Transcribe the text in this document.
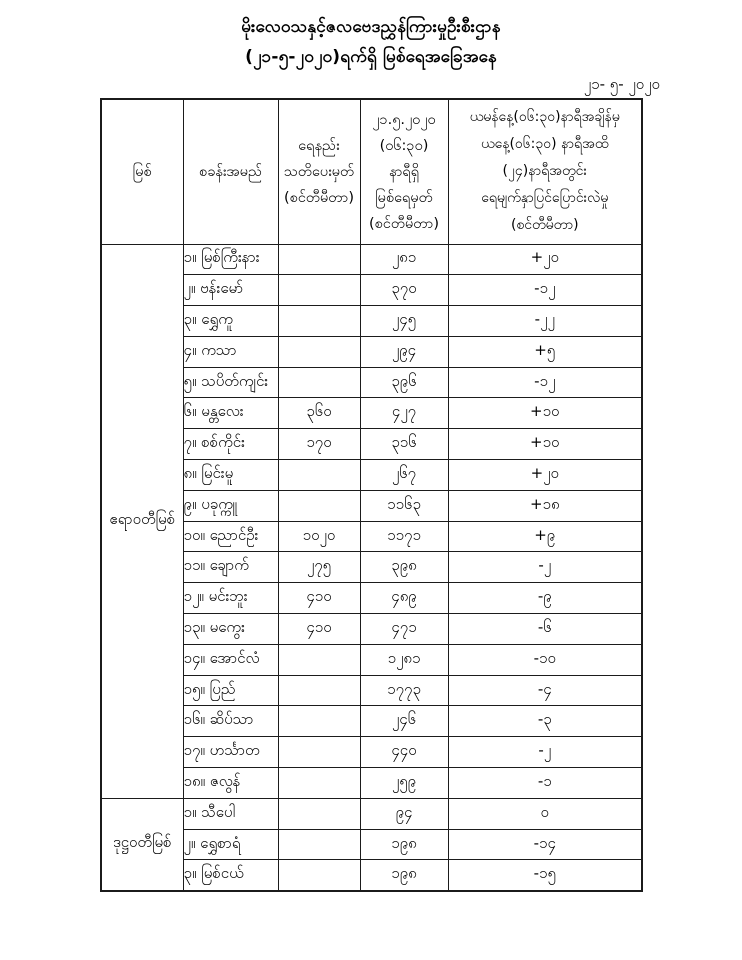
မိုးလေဝသနှင့်ဇလဗေဒညွှန်ကြားမှုဦးစီးဌာန
(၂၁-၅-၂၀၂၀)ရက်ရှိ မြစ်ရေအခြေအနေ
၂၁- ၅- ၂၀၂၀
မြစ်	စခန်းအမည်

ရေနည်း
သတိပေးမှတ်
(စင်တီမီတာ)

၂၁.၅.၂၀၂၀
(၀၆:၃၀)
နာရီရှိ
မြစ်ရေမှတ်
(စင်တီမီတာ)

ယမန်နေ့(၀၆:၃၀)နာရီအချိန်မှ
ယနေ့(၀၆:၃၀) နာရီအထိ
(၂၄)နာရီအတွင်း
ရေမျက်နှာပြင်ပြောင်းလဲမှု
(စင်တီမီတာ)

ဧရာဝတီမြစ်	၁။ မြစ်ကြီးနား		၂၈၁	+၂၀
	၂။ ဗန်းမော်		၃၇၀	-၁၂
	၃။ ရွှေကူ		၂၄၅	-၂၂
	၄။ ကသာ		၂၉၄	+၅
	၅။ သပိတ်ကျင်း		၃၉၆	-၁၂
	၆။ မန္တလေး	၃၆၀	၄၂၇	+၁၀
	၇။ စစ်ကိုင်း	၁၇၀	၃၁၆	+၁၀
	၈။ မြင်းမူ		၂၆၇	+၂၀
	၉။ ပခုက္ကူ		၁၁၆၃	+၁၈
	၁၀။ ညောင်ဦး	၁၀၂၀	၁၁၇၁	+၉
	၁၁။ ချောက်	၂၇၅	၃၉၈	-၂
	၁၂။ မင်းဘူး	၄၁၀	၄၈၉	-၉
	၁၃။ မကွေး	၄၁၀	၄၇၁	-၆
	၁၄။ အောင်လံ		၁၂၈၁	-၁၀
	၁၅။ ပြည်		၁၇၇၃	-၄
	၁၆။ ဆိပ်သာ		၂၄၆	-၃
	၁၇။ ဟင်္သာတ		၄၄၀	-၂
	၁၈။ ဇလွန်		၂၅၉	-၁
ဒုဋ္ဌဝတီမြစ်	၁။ သီပေါ		၉၄	၀
	၂။ ရွှေစာရံ		၁၉၈	-၁၄
	၃။ မြစ်ငယ်		၁၉၈	-၁၅
